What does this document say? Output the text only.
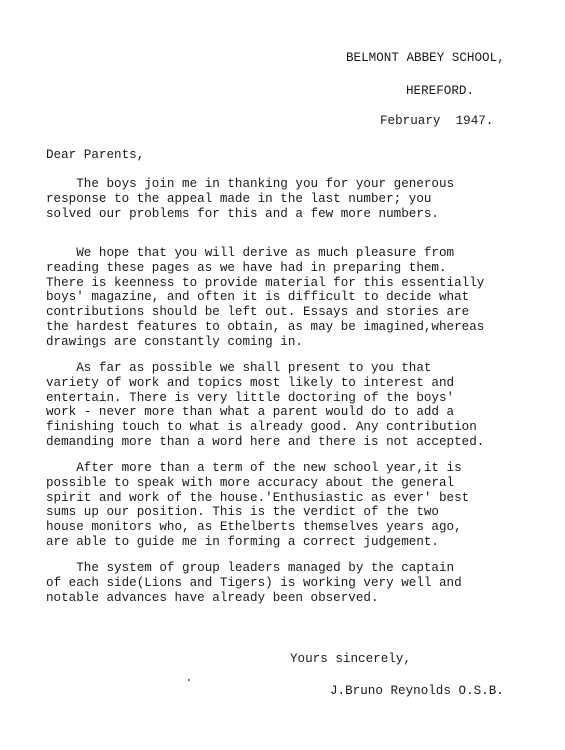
BELMONT ABBEY SCHOOL,
HEREFORD.
February  1947.
Dear Parents,
The boys join me in thanking you for your generous
response to the appeal made in the last number; you
solved our problems for this and a few more numbers.
We hope that you will derive as much pleasure from
reading these pages as we have had in preparing them.
There is keenness to provide material for this essentially
boys' magazine, and often it is difficult to decide what
contributions should be left out. Essays and stories are
the hardest features to obtain, as may be imagined,whereas
drawings are constantly coming in.
As far as possible we shall present to you that
variety of work and topics most likely to interest and
entertain. There is very little doctoring of the boys'
work - never more than what a parent would do to add a
finishing touch to what is already good. Any contribution
demanding more than a word here and there is not accepted.
After more than a term of the new school year,it is
possible to speak with more accuracy about the general
spirit and work of the house.'Enthusiastic as ever' best
sums up our position. This is the verdict of the two
house monitors who, as Ethelberts themselves years ago,
are able to guide me in forming a correct judgement.
The system of group leaders managed by the captain
of each side(Lions and Tigers) is working very well and
notable advances have already been observed.
Yours sincerely,
J.Bruno Reynolds O.S.B.
